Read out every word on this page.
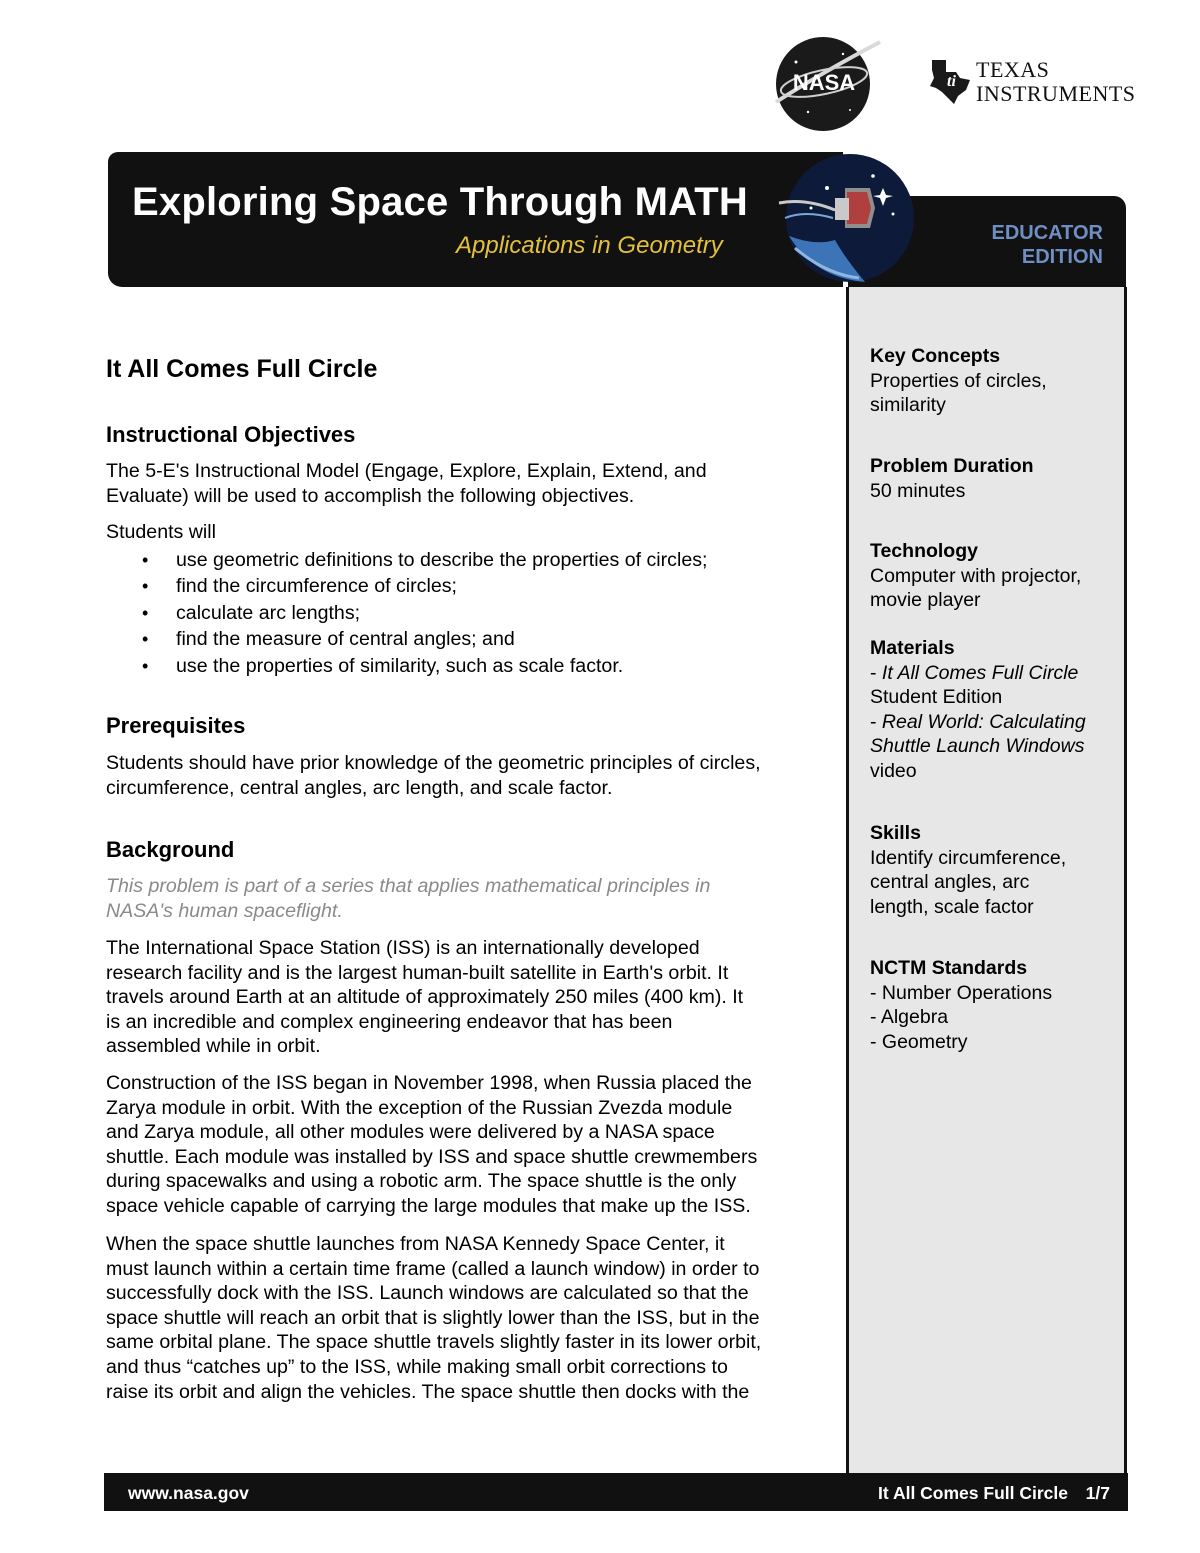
NASA	ti TEXAS
INSTRUMENTS
Exploring Space Through MATH
Applications in Geometry	EDUCATOR
EDITION
Key Concepts
Properties of circles,
similarity
Problem Duration
50 minutes
Technology
Computer with projector,
movie player
Materials
- It All Comes Full Circle
Student Edition
- Real World: Calculating
Shuttle Launch Windows
video
Skills
Identify circumference,
central angles, arc
length, scale factor
NCTM Standards
- Number Operations
- Algebra
- Geometry
It All Comes Full Circle
Instructional Objectives
The 5-E's Instructional Model (Engage, Explore, Explain, Extend, and
Evaluate) will be used to accomplish the following objectives.
Students will
• use geometric definitions to describe the properties of circles;
• find the circumference of circles;
• calculate arc lengths;
• find the measure of central angles; and
• use the properties of similarity, such as scale factor.
Prerequisites
Students should have prior knowledge of the geometric principles of circles,
circumference, central angles, arc length, and scale factor.
Background
This problem is part of a series that applies mathematical principles in
NASA's human spaceflight.
The International Space Station (ISS) is an internationally developed
research facility and is the largest human-built satellite in Earth's orbit. It
travels around Earth at an altitude of approximately 250 miles (400 km). It
is an incredible and complex engineering endeavor that has been
assembled while in orbit.
Construction of the ISS began in November 1998, when Russia placed the
Zarya module in orbit. With the exception of the Russian Zvezda module
and Zarya module, all other modules were delivered by a NASA space
shuttle. Each module was installed by ISS and space shuttle crewmembers
during spacewalks and using a robotic arm. The space shuttle is the only
space vehicle capable of carrying the large modules that make up the ISS.
When the space shuttle launches from NASA Kennedy Space Center, it
must launch within a certain time frame (called a launch window) in order to
successfully dock with the ISS. Launch windows are calculated so that the
space shuttle will reach an orbit that is slightly lower than the ISS, but in the
same orbital plane. The space shuttle travels slightly faster in its lower orbit,
and thus “catches up” to the ISS, while making small orbit corrections to
raise its orbit and align the vehicles. The space shuttle then docks with the
www.nasa.gov	It All Comes Full Circle 1/7
